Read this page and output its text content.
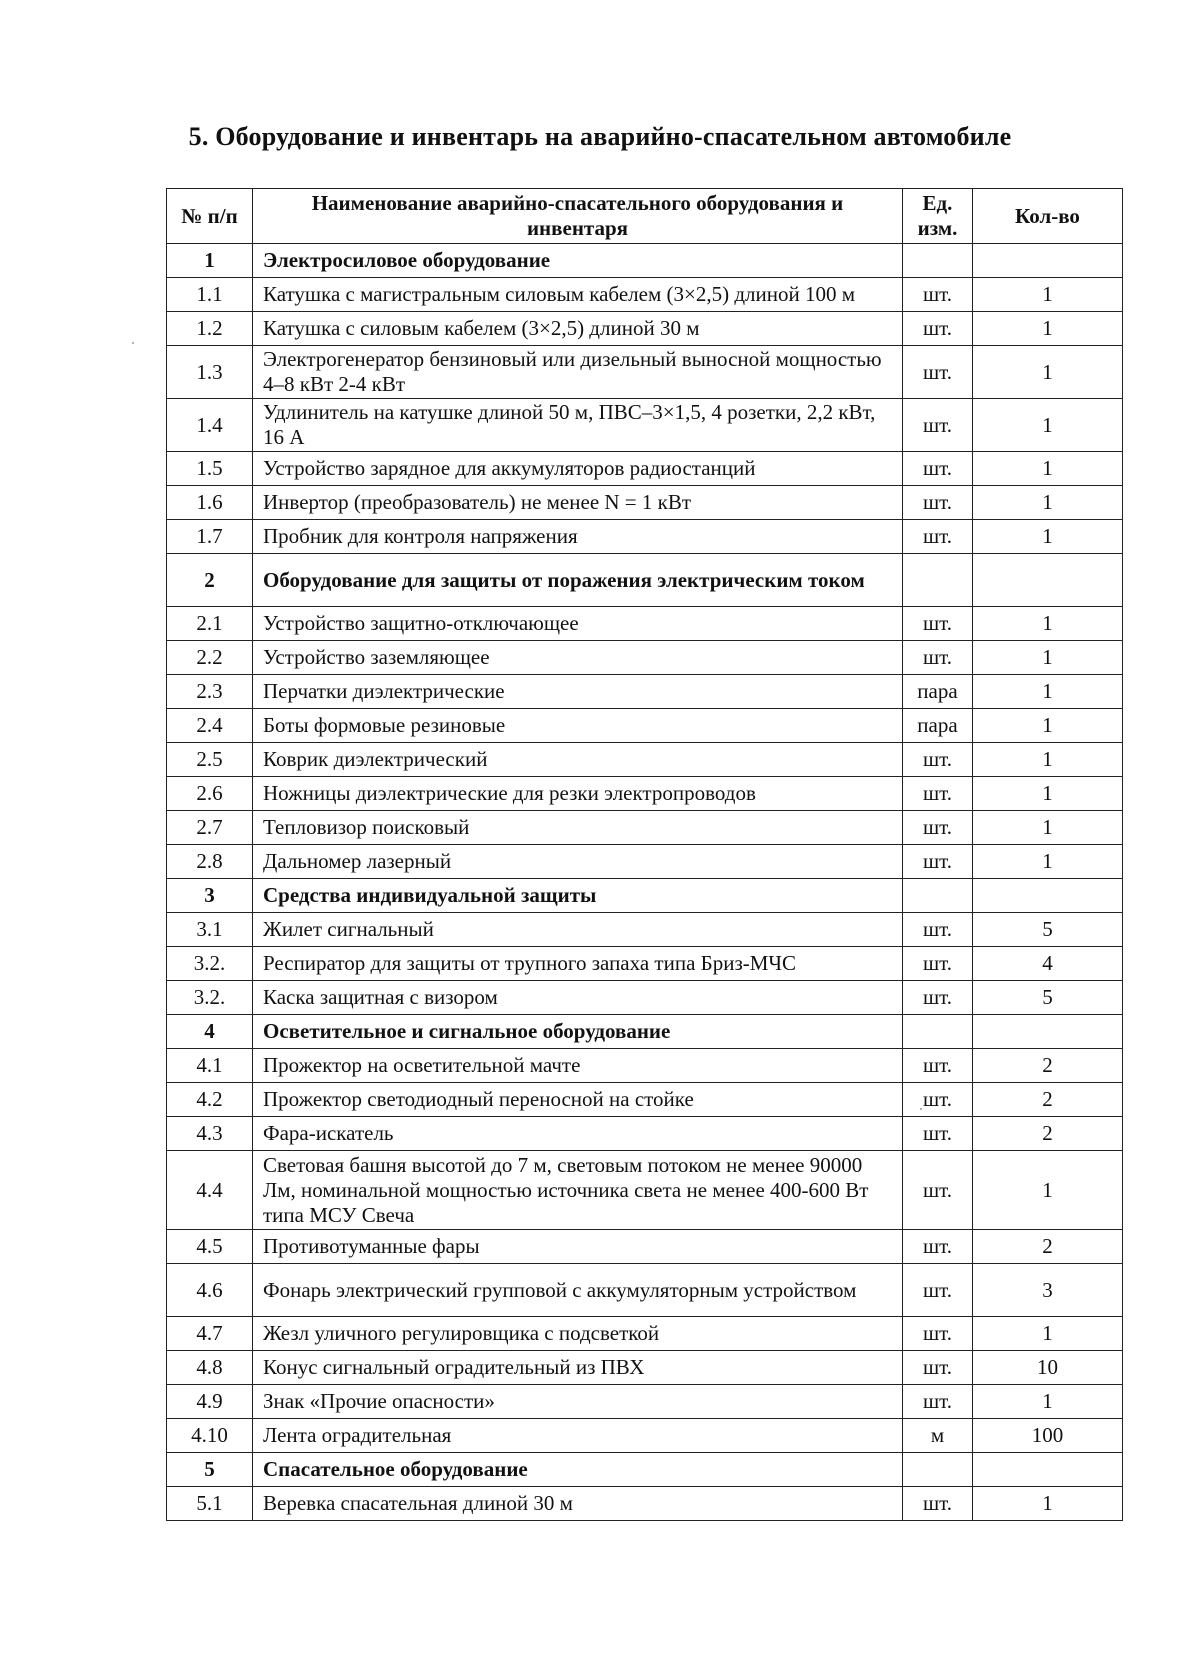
5. Оборудование и инвентарь на аварийно-спасательном автомобиле
№ п/п	Наименование аварийно-спасательного оборудования и инвентаря	Ед. изм.	Кол-во
1	Электросиловое оборудование		
1.1	Катушка с магистральным силовым кабелем (3×2,5) длиной 100 м	шт.	1
1.2	Катушка с силовым кабелем (3×2,5) длиной 30 м	шт.	1
1.3	Электрогенератор бензиновый или дизельный выносной мощностью 4–8 кВт 2-4 кВт	шт.	1
1.4	Удлинитель на катушке длиной 50 м, ПВС–3×1,5, 4 розетки, 2,2 кВт, 16 А	шт.	1
1.5	Устройство зарядное для аккумуляторов радиостанций	шт.	1
1.6	Инвертор (преобразователь) не менее N = 1 кВт	шт.	1
1.7	Пробник для контроля напряжения	шт.	1
2	Оборудование для защиты от поражения электрическим током		
2.1	Устройство защитно-отключающее	шт.	1
2.2	Устройство заземляющее	шт.	1
2.3	Перчатки диэлектрические	пара	1
2.4	Боты формовые резиновые	пара	1
2.5	Коврик диэлектрический	шт.	1
2.6	Ножницы диэлектрические для резки электропроводов	шт.	1
2.7	Тепловизор поисковый	шт.	1
2.8	Дальномер лазерный	шт.	1
3	Средства индивидуальной защиты		
3.1	Жилет сигнальный	шт.	5
3.2.	Респиратор для защиты от трупного запаха типа Бриз-МЧС	шт.	4
3.2.	Каска защитная с визором	шт.	5
4	Осветительное и сигнальное оборудование		
4.1	Прожектор на осветительной мачте	шт.	2
4.2	Прожектор светодиодный переносной на стойке	шт.	2
4.3	Фара-искатель	шт.	2
4.4	Световая башня высотой до 7 м, световым потоком не менее 90000 Лм, номинальной мощностью источника света не менее 400-600 Вт типа МСУ Свеча	шт.	1
4.5	Противотуманные фары	шт.	2
4.6	Фонарь электрический групповой с аккумуляторным устройством	шт.	3
4.7	Жезл уличного регулировщика с подсветкой	шт.	1
4.8	Конус сигнальный оградительный из ПВХ	шт.	10
4.9	Знак «Прочие опасности»	шт.	1
4.10	Лента оградительная	м	100
5	Спасательное оборудование		
5.1	Веревка спасательная длиной 30 м	шт.	1
